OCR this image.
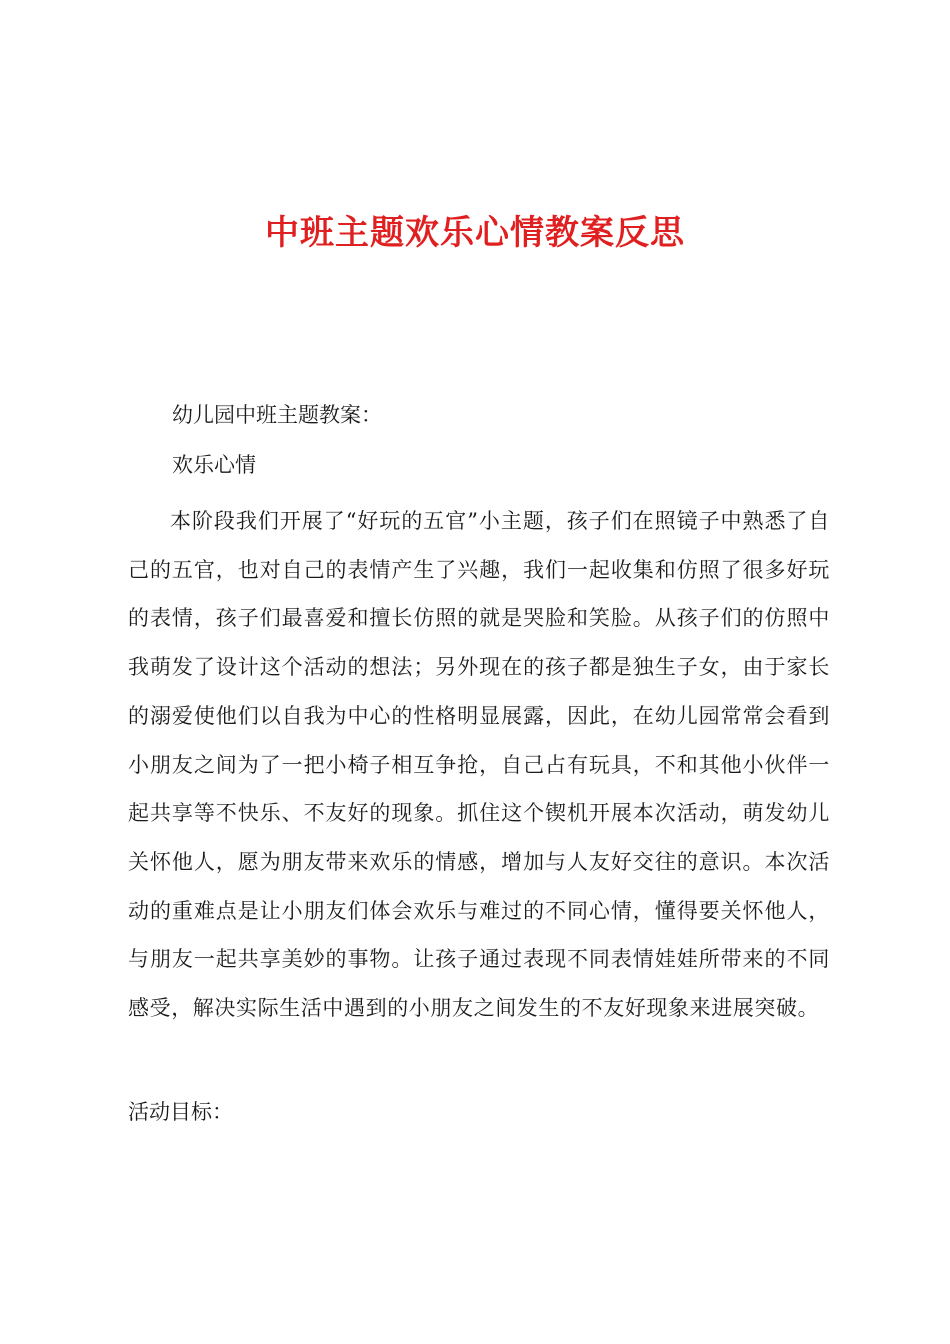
中班主题欢乐心情教案反思

幼儿园中班主题教案：

欢乐心情

本阶段我们开展了“好玩的五官”小主题，孩子们在照镜子中熟悉了自己的五官，也对自己的表情产生了兴趣，我们一起收集和仿照了很多好玩的表情，孩子们最喜爱和擅长仿照的就是哭脸和笑脸。从孩子们的仿照中我萌发了设计这个活动的想法；另外现在的孩子都是独生子女，由于家长的溺爱使他们以自我为中心的性格明显展露，因此，在幼儿园常常会看到小朋友之间为了一把小椅子相互争抢，自己占有玩具，不和其他小伙伴一起共享等不快乐、不友好的现象。抓住这个锲机开展本次活动，萌发幼儿关怀他人，愿为朋友带来欢乐的情感，增加与人友好交往的意识。本次活动的重难点是让小朋友们体会欢乐与难过的不同心情，懂得要关怀他人，与朋友一起共享美妙的事物。让孩子通过表现不同表情娃娃所带来的不同感受，解决实际生活中遇到的小朋友之间发生的不友好现象来进展突破。

活动目标：
